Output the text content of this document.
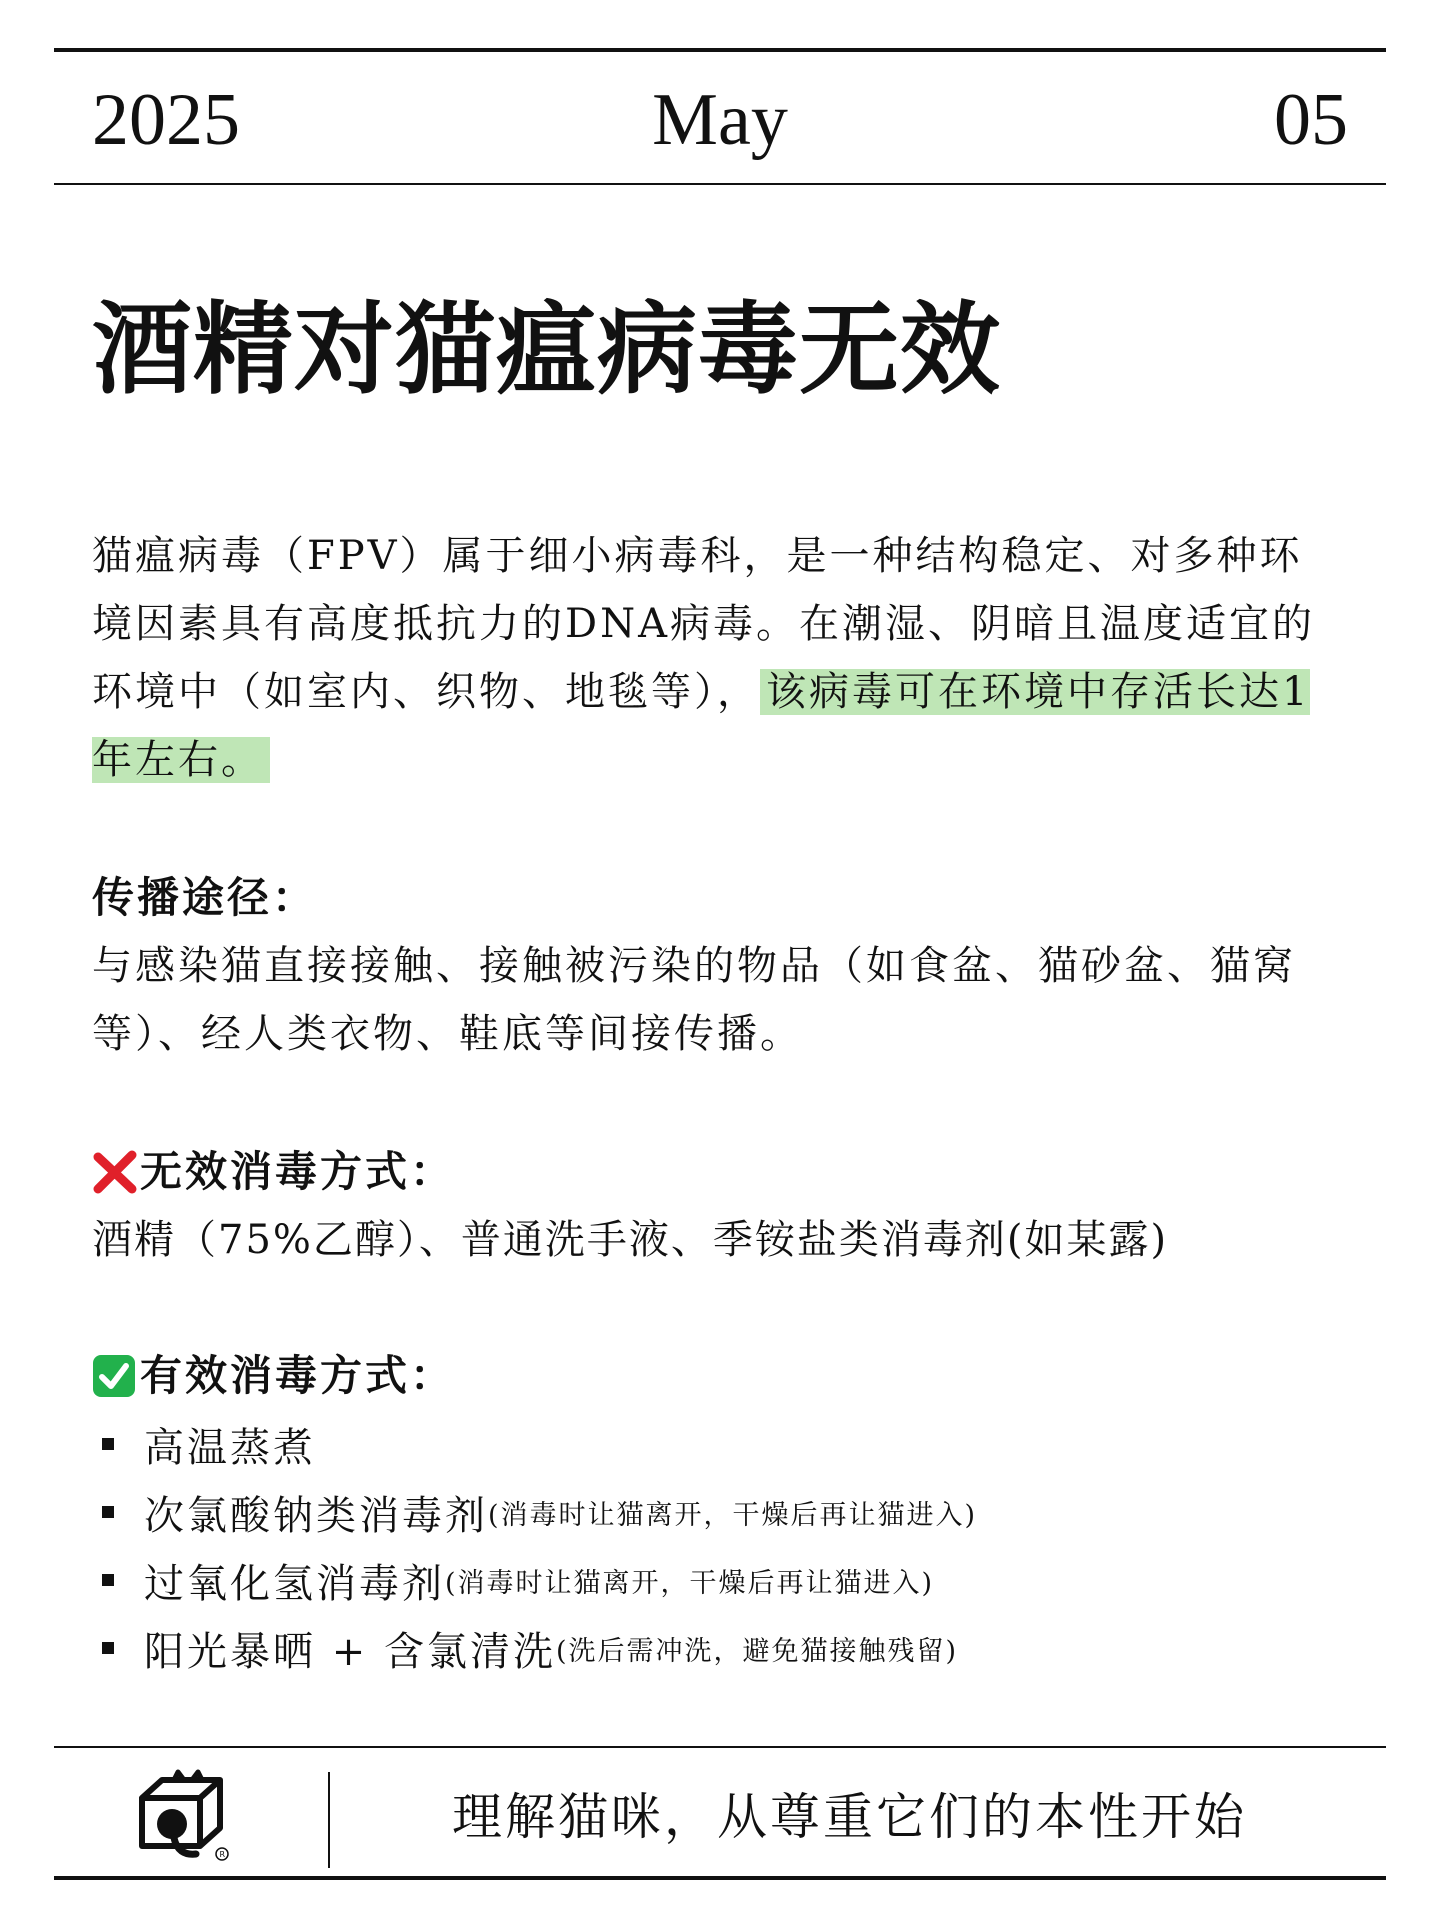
2025	May	05
酒精对猫瘟病毒无效
猫瘟病毒（FPV）属于细小病毒科，是一种结构稳定、对多种环境因素具有高度抵抗力的DNA病毒。在潮湿、阴暗且温度适宜的环境中（如室内、织物、地毯等）， 该病毒可在环境中存活长达1年左右。
传播途径：
与感染猫直接接触、接触被污染的物品（如食盆、猫砂盆、猫窝等）、经人类衣物、鞋底等间接传播。
无效消毒方式：
酒精（75%乙醇）、普通洗手液、季铵盐类消毒剂(如某露)
有效消毒方式：
高温蒸煮
次氯酸钠类消毒剂 (消毒时让猫离开，干燥后再让猫进入)
过氧化氢消毒剂 (消毒时让猫离开，干燥后再让猫进入)
阳光暴晒 + 含氯清洗 (洗后需冲洗，避免猫接触残留)
R
理解猫咪，从尊重它们的本性开始
